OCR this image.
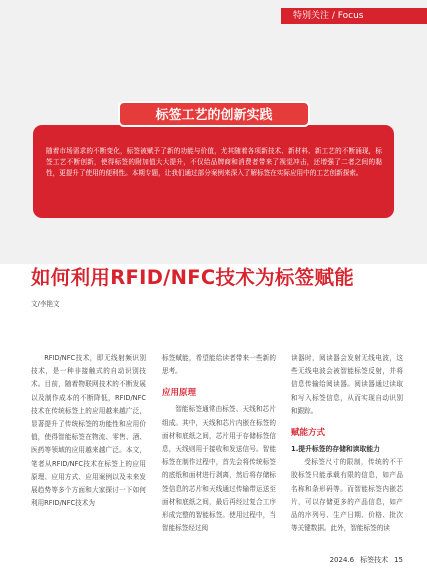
特别关注 / Focus
标签工艺的创新实践
随着市场需求的不断变化，标签被赋予了新的功能与价值，尤其随着各项新技术、新材料、新工艺的不断涌现，标签工艺不断创新，使得标签的附加值大大提升，不仅给品牌商和消费者带来了视觉冲击，还增强了二者之间的黏性，更提升了使用的便利性。本期专题，让我们通过部分案例来深入了解标签在实际应用中的工艺创新探索。
如何利用RFID/NFC技术为标签赋能
文/李艳文

RFID/NFC技术，即无线射频识别技术，是一种非接触式的自动识别技术。目前，随着物联网技术的不断发展以及制作成本的不断降低，RFID/NFC技术在传统标签上的应用越来越广泛，显著提升了传统标签的功能性和应用价值，使得智能标签在物流、零售、酒、医药等领域的应用越来越广泛。本文，笔者从RFID/NFC技术在标签上的应用原理、应用方式、应用案例以及未来发展趋势等多个方面和大家探讨一下如何利用RFID/NFC技术为

标签赋能，希望能给读者带来一些新的思考。

应用原理

智能标签通常由标签、天线和芯片组成。其中，天线和芯片内嵌在标签的面材和底纸之间，芯片用于存储标签信息，天线则用于接收和发送信号。智能标签在制作过程中，首先会将传统标签的底纸和面材进行剥离，然后将存储标签信息的芯片和天线通过传输带运送至面材和底纸之间，最后再经过复合工序形成完整的智能标签。使用过程中，当智能标签经过阅

读器时，阅读器会发射无线电波，这些无线电波会被智能标签反射，并将信息传输给阅读器。阅读器通过读取和写入标签信息，从而实现自动识别和跟踪。

赋能方式

1.提升标签的存储和读取能力

受标签尺寸的限制，传统的不干胶标签只能承载有限的信息，如产品名称和条形码等。而智能标签内嵌芯片，可以存储更多的产品信息，如产品的序列号、生产日期、价格、批次等关键数据。此外，智能标签的读

2024.6 标签技术 15
